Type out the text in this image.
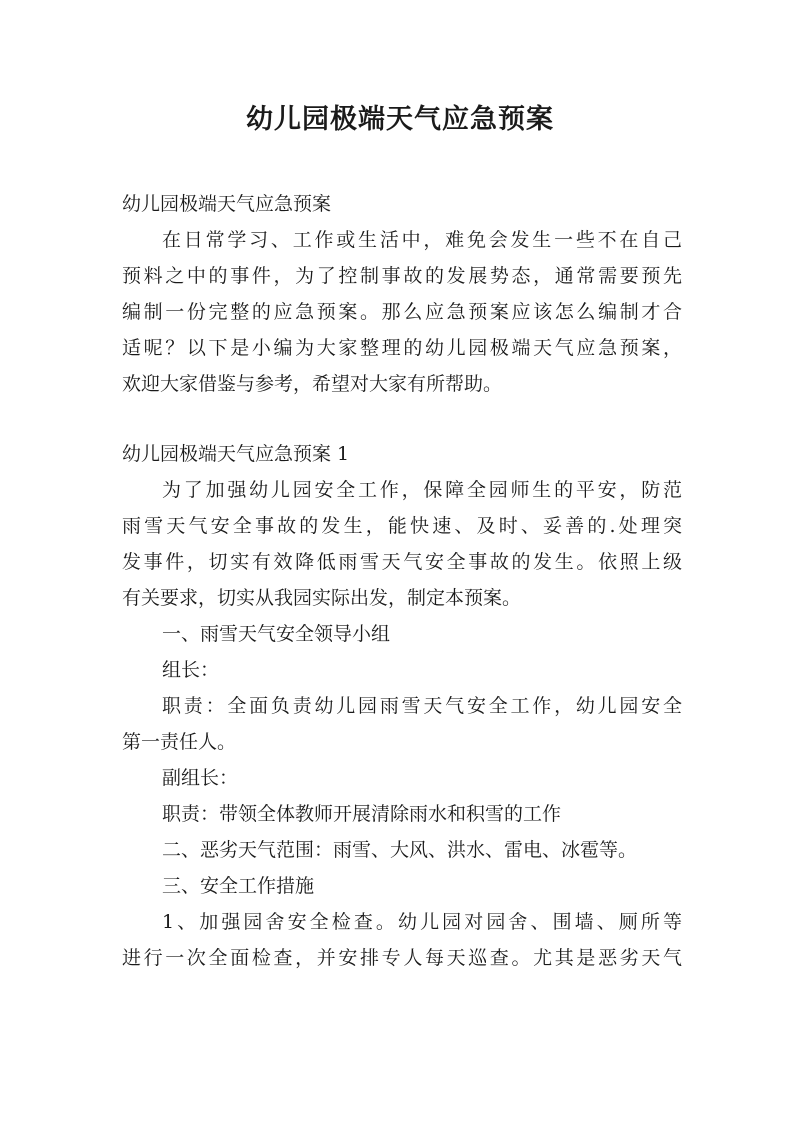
幼儿园极端天气应急预案
幼儿园极端天气应急预案
在日常学习、工作或生活中，难免会发生一些不在自己
预料之中的事件，为了控制事故的发展势态，通常需要预先
编制一份完整的应急预案。那么应急预案应该怎么编制才合
适呢？以下是小编为大家整理的幼儿园极端天气应急预案，
欢迎大家借鉴与参考，希望对大家有所帮助。
幼儿园极端天气应急预案 1
为了加强幼儿园安全工作，保障全园师生的平安，防范
雨雪天气安全事故的发生，能快速、及时、妥善的.处理突
发事件，切实有效降低雨雪天气安全事故的发生。依照上级
有关要求，切实从我园实际出发，制定本预案。
一、雨雪天气安全领导小组
组长：
职责：全面负责幼儿园雨雪天气安全工作，幼儿园安全
第一责任人。
副组长：
职责：带领全体教师开展清除雨水和积雪的工作
二、恶劣天气范围：雨雪、大风、洪水、雷电、冰雹等。
三、安全工作措施
1、加强园舍安全检查。幼儿园对园舍、围墙、厕所等
进行一次全面检查，并安排专人每天巡查。尤其是恶劣天气
